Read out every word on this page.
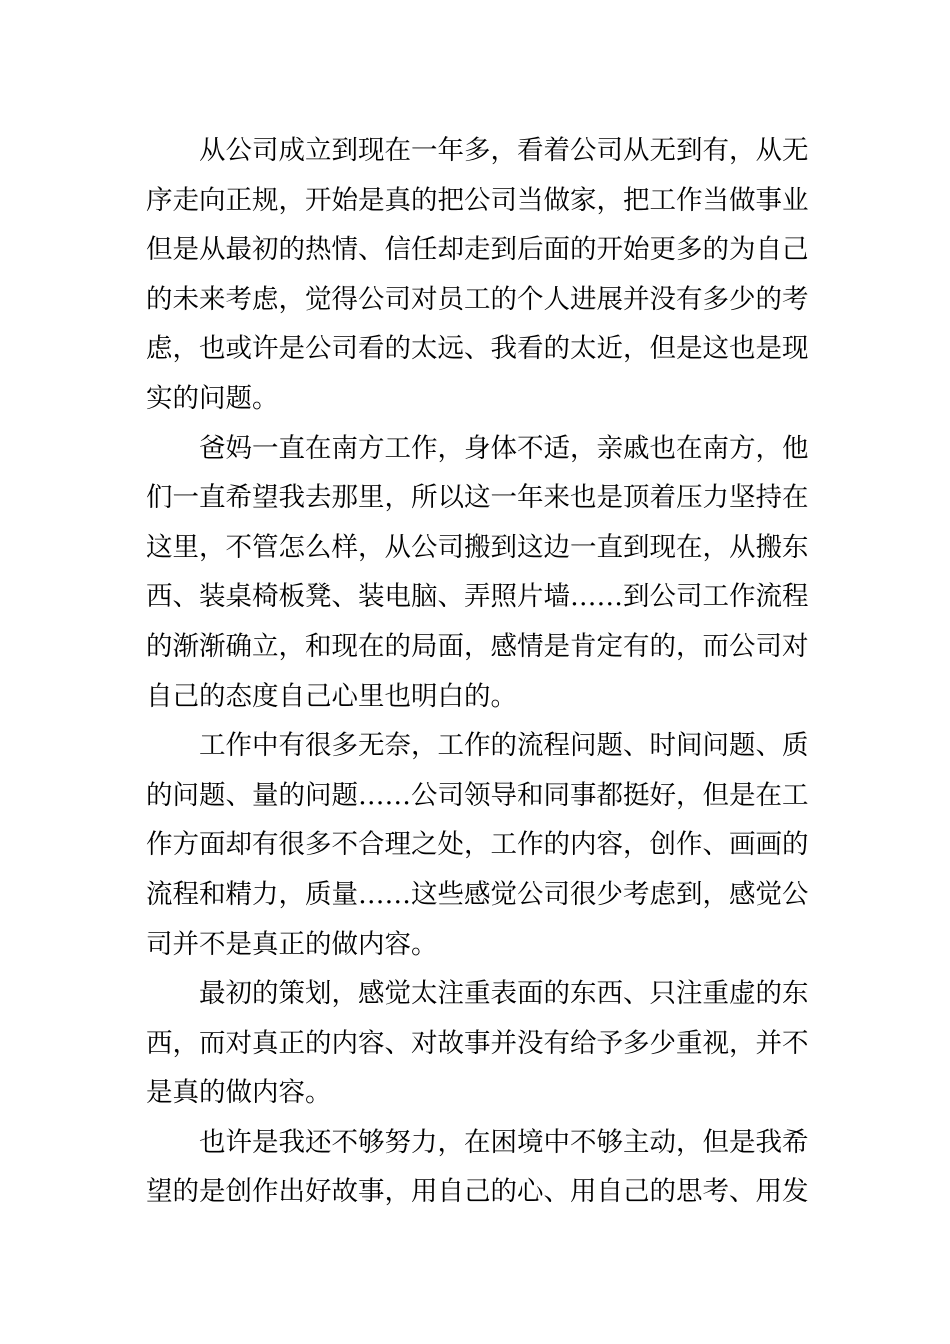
从公司成立到现在一年多，看着公司从无到有，从无
序走向正规，开始是真的把公司当做家，把工作当做事业
但是从最初的热情、信任却走到后面的开始更多的为自己
的未来考虑，觉得公司对员工的个人进展并没有多少的考
虑，也或许是公司看的太远、我看的太近，但是这也是现
实的问题。
爸妈一直在南方工作，身体不适，亲戚也在南方，他
们一直希望我去那里，所以这一年来也是顶着压力坚持在
这里，不管怎么样，从公司搬到这边一直到现在，从搬东
西、装桌椅板凳、装电脑、弄照片墙……到公司工作流程
的渐渐确立，和现在的局面，感情是肯定有的，而公司对
自己的态度自己心里也明白的。
工作中有很多无奈，工作的流程问题、时间问题、质
的问题、量的问题……公司领导和同事都挺好，但是在工
作方面却有很多不合理之处，工作的内容，创作、画画的
流程和精力，质量……这些感觉公司很少考虑到，感觉公
司并不是真正的做内容。
最初的策划，感觉太注重表面的东西、只注重虚的东
西，而对真正的内容、对故事并没有给予多少重视，并不
是真的做内容。
也许是我还不够努力，在困境中不够主动，但是我希
望的是创作出好故事，用自己的心、用自己的思考、用发
